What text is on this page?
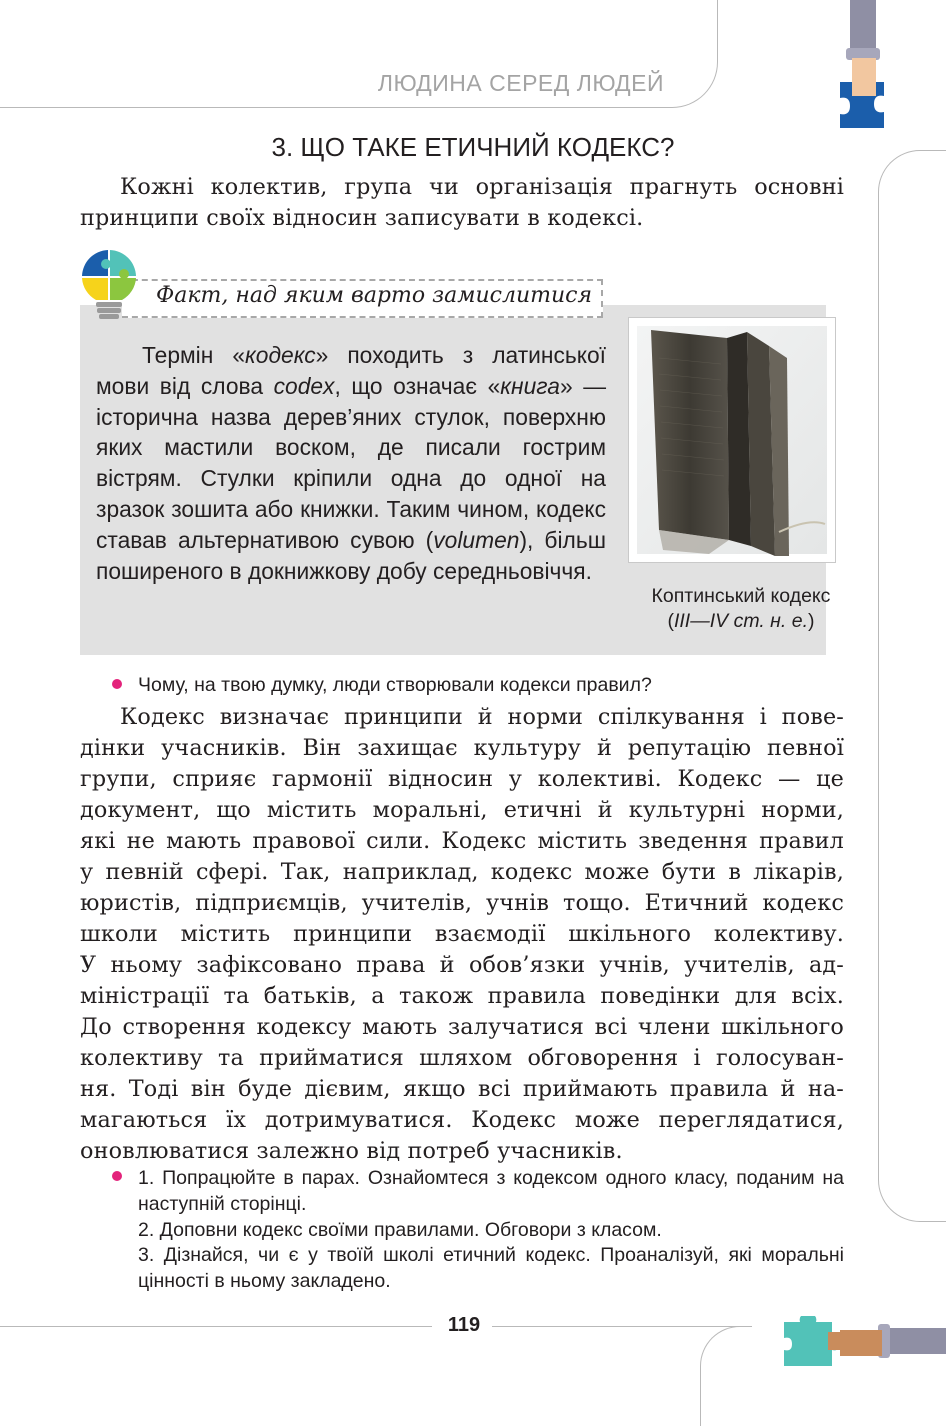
ЛЮДИНА СЕРЕД ЛЮДЕЙ
3. ЩО ТАКЕ ЕТИЧНИЙ КОДЕКС?
Кожні колектив, група чи організація прагнуть основні
принципи своїх відносин записувати в кодексі.
Факт, над яким варто замислитися
Термін «кодекс» походить з латинської мови від слова codex, що означає «книга» — історична назва дерев’яних стулок, поверхню яких мастили воском, де писали гострим вістрям. Стулки кріпили одна до одної на зразок зошита або книжки. Таким чином, кодекс ставав альтернативою сувою (volumen), більш поширеного в докнижкову добу середньовіччя.
Коптинський кодекс
(III—IV ст. н. е.)
Чому, на твою думку, люди створювали кодекси правил?
Кодекс визначає принципи й норми спілкування і пове-
дінки учасників. Він захищає культуру й репутацію певної
групи, сприяє гармонії відносин у колективі. Кодекс — це
документ, що містить моральні, етичні й культурні норми,
які не мають правової сили. Кодекс містить зведення правил
у певній сфері. Так, наприклад, кодекс може бути в лікарів,
юристів, підприємців, учителів, учнів тощо. Етичний кодекс
школи містить принципи взаємодії шкільного колективу.
У ньому зафіксовано права й обов’язки учнів, учителів, ад-
міністрації та батьків, а також правила поведінки для всіх.
До створення кодексу мають залучатися всі члени шкільного
колективу та прийматися шляхом обговорення і голосуван-
ня. Тоді він буде дієвим, якщо всі приймають правила й на-
магаються їх дотримуватися. Кодекс може переглядатися,
оновлюватися залежно від потреб учасників.
1. Попрацюйте в парах. Ознайомтеся з кодексом одного класу, поданим на наступній сторінці.
2. Доповни кодекс своїми правилами. Обговори з класом.
3. Дізнайся, чи є у твоїй школі етичний кодекс. Проаналізуй, які моральні цінності в ньому закладено.
119
